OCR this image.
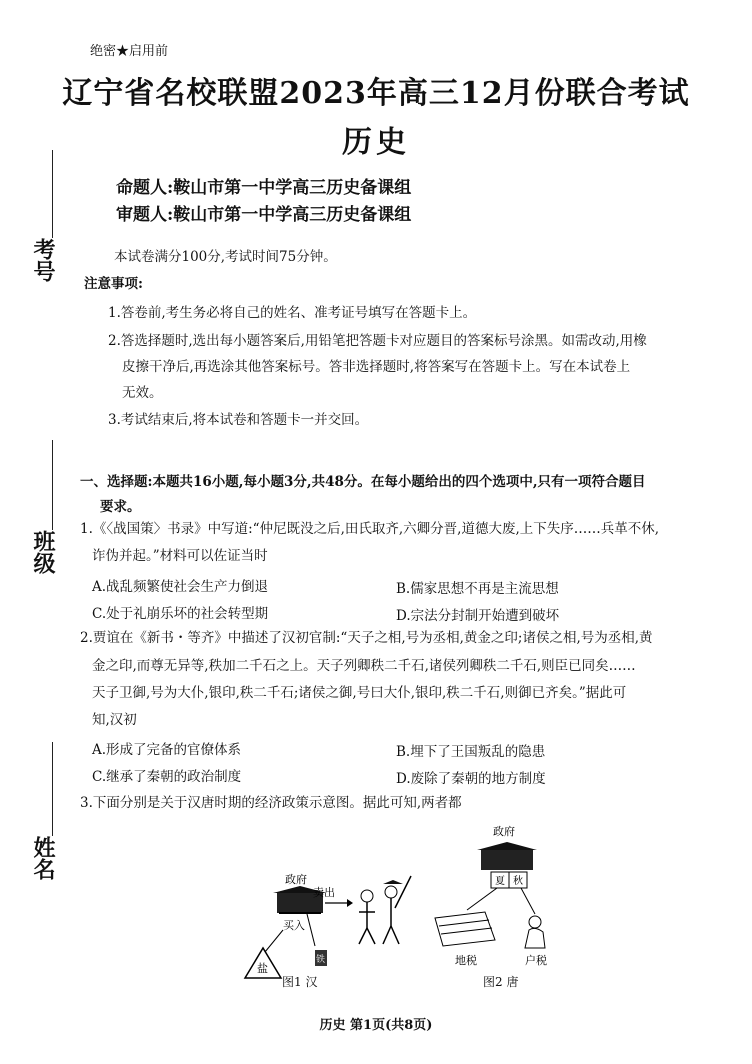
考号
班级
姓名
绝密★启用前
辽宁省名校联盟2023年高三12月份联合考试
历史
命题人:鞍山市第一中学高三历史备课组
审题人:鞍山市第一中学高三历史备课组
本试卷满分100分,考试时间75分钟。
注意事项:
1.答卷前,考生务必将自己的姓名、准考证号填写在答题卡上。
2.答选择题时,选出每小题答案后,用铅笔把答题卡对应题目的答案标号涂黑。如需改动,用橡
皮擦干净后,再选涂其他答案标号。答非选择题时,将答案写在答题卡上。写在本试卷上
无效。
3.考试结束后,将本试卷和答题卡一并交回。
一、选择题:本题共16小题,每小题3分,共48分。在每小题给出的四个选项中,只有一项符合题目
要求。
1.《〈战国策〉书录》中写道:“仲尼既没之后,田氏取齐,六卿分晋,道德大废,上下失序……兵革不休,
诈伪并起。”材料可以佐证当时
A.战乱频繁使社会生产力倒退	B.儒家思想不再是主流思想
C.处于礼崩乐坏的社会转型期	D.宗法分封制开始遭到破坏
2.贾谊在《新书・等齐》中描述了汉初官制:“天子之相,号为丞相,黄金之印;诸侯之相,号为丞相,黄
金之印,而尊无异等,秩加二千石之上。天子列卿秩二千石,诸侯列卿秩二千石,则臣已同矣……
天子卫御,号为大仆,银印,秩二千石;诸侯之御,号曰大仆,银印,秩二千石,则御已齐矣。”据此可
知,汉初
A.形成了完备的官僚体系	B.埋下了王国叛乱的隐患
C.继承了秦朝的政治制度	D.废除了秦朝的地方制度
3.下面分别是关于汉唐时期的经济政策示意图。据此可知,两者都
政府
卖出
买入
盐
铁
图1 汉
政府
夏 秋
地税	户税
图2 唐
历史 第1页(共8页)
